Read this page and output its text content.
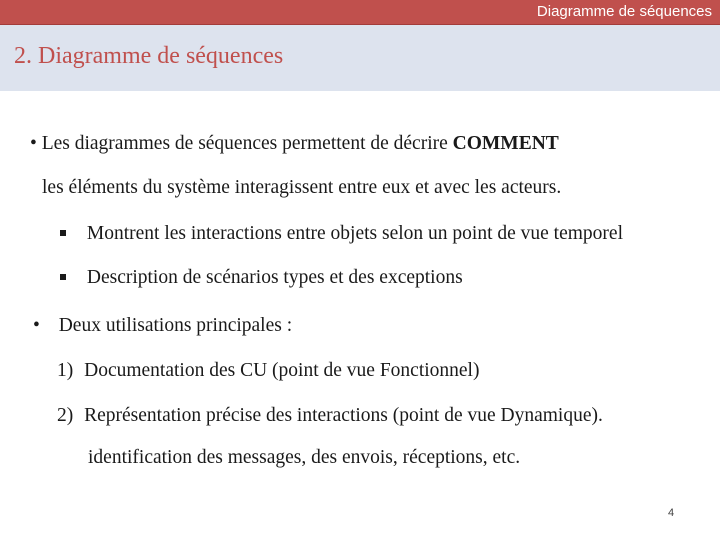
Diagramme de séquences
2. Diagramme de séquences
• Les diagrammes de séquences permettent de décrire COMMENT
les éléments du système interagissent entre eux et avec les acteurs.
Montrent les interactions entre objets selon un point de vue temporel
Description de scénarios types et des exceptions
• Deux utilisations principales :
1) Documentation des CU (point de vue Fonctionnel)
2) Représentation précise des interactions (point de vue Dynamique).
identification des messages, des envois, réceptions, etc.
4
